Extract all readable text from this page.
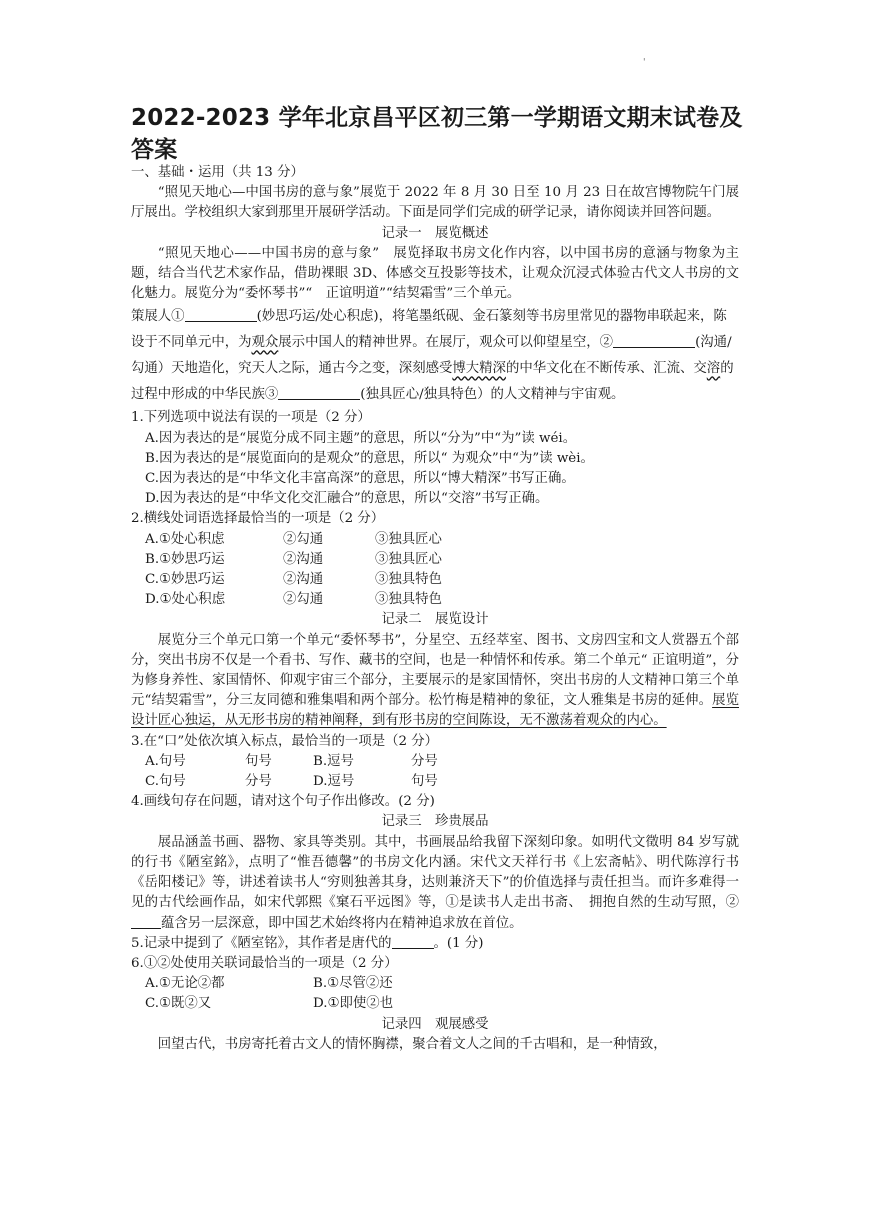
'
2022-2023 学年北京昌平区初三第一学期语文期末试卷及答案

一、基础・运用（共 13 分）

“照见天地心—中国书房的意与象”展览于 2022 年 8 月 30 日至 10 月 23 日在故宫博物院午门展厅展出。学校组织大家到那里开展研学活动。下面是同学们完成的研学记录，请你阅读并回答问题。

记录一　展览概述

“照见天地心——中国书房的意与象”　展览择取书房文化作内容，以中国书房的意涵与物象为主题，结合当代艺术家作品，借助裸眼 3D、体感交互投影等技术，让观众沉浸式体验古代文人书房的文化魅力。展览分为“委怀琴书”“　正谊明道”“结契霜雪”三个单元。

策展人①	(妙思巧运/处心积虑)，将笔墨纸砚、金石篆刻等书房里常见的器物串联起来，陈设于不同单元中，为观众展示中国人的精神世界。在展厅，观众可以仰望星空，②	(沟通/勾通）天地造化，究天人之际，通古今之变，深刻感受博大精深的中华文化在不断传承、汇流、交溶的过程中形成的中华民族③	(独具匠心/独具特色）的人文精神与宇宙观。

1.下列选项中说法有误的一项是（2 分）

A.因为表达的是“展览分成不同主题”的意思，所以“分为”中“为”读 wéi。

B.因为表达的是“展览面向的是观众”的意思，所以“ 为观众”中“为”读 wèi。

C.因为表达的是“中华文化丰富高深”的意思，所以“博大精深”书写正确。

D.因为表达的是“中华文化交汇融合”的意思，所以“交溶”书写正确。

2.横线处词语选择最恰当的一项是（2 分）

A.①处心积虑	②勾通	③独具匠心
B.①妙思巧运	②沟通	③独具匠心
C.①妙思巧运	②沟通	③独具特色
D.①处心积虑	②勾通	③独具特色

记录二　展览设计

展览分三个单元口第一个单元“委怀琴书”，分星空、五经萃室、图书、文房四宝和文人赏器五个部分，突出书房不仅是一个看书、写作、藏书的空间，也是一种情怀和传承。第二个单元“ 正谊明道”，分为修身养性、家国情怀、仰观宇宙三个部分，主要展示的是家国情怀，突出书房的人文精神口第三个单元“结契霜雪”，分三友同德和雅集唱和两个部分。松竹梅是精神的象征，文人雅集是书房的延伸。展览设计匠心独运，从无形书房的精神阐释，到有形书房的空间陈设，无不激荡着观众的内心。

3.在“口”处依次填入标点，最恰当的一项是（2 分）

A.句号	句号	B.逗号	分号
C.句号	分号	D.逗号	句号

4.画线句存在问题，请对这个句子作出修改。(2 分)

记录三　珍贵展品

展品涵盖书画、器物、家具等类别。其中，书画展品给我留下深刻印象。如明代文徵明 84 岁写就的行书《陋室銘》，点明了“惟吾德馨”的书房文化内涵。宋代文天祥行书《上宏斋帖》、明代陈淳行书《岳阳楼记》等，讲述着读书人“穷则独善其身，达则兼济天下”的价值选择与责任担当。而许多难得一见的古代绘画作品，如宋代郭熙《窠石平远图》等，①是读书人走出书斋、　拥抱自然的生动写照，②蕴含另一层深意，即中国艺术始终将内在精神追求放在首位。

5.记录中提到了《陋室铭》，其作者是唐代的	。(1 分)

6.①②处使用关联词最恰当的一项是（2 分）

A.①无论②都	B.①尽管②还
C.①既②又	D.①即使②也

记录四　观展感受

回望古代，书房寄托着古文人的情怀胸襟，聚合着文人之间的千古唱和，是一种情致，
